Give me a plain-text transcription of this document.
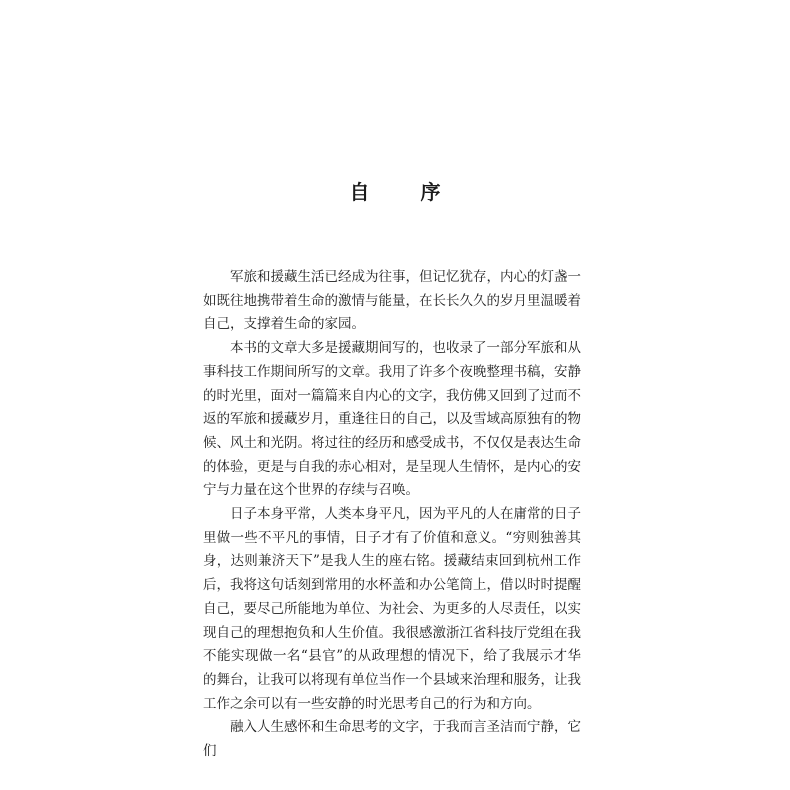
自 序

军旅和援藏生活已经成为往事，但记忆犹存，内心的灯盏一如既往地携带着生命的激情与能量，在长长久久的岁月里温暖着自己，支撑着生命的家园。

本书的文章大多是援藏期间写的，也收录了一部分军旅和从事科技工作期间所写的文章。我用了许多个夜晚整理书稿，安静的时光里，面对一篇篇来自内心的文字，我仿佛又回到了过而不返的军旅和援藏岁月，重逢往日的自己，以及雪域高原独有的物候、风土和光阴。将过往的经历和感受成书，不仅仅是表达生命的体验，更是与自我的赤心相对，是呈现人生情怀，是内心的安宁与力量在这个世界的存续与召唤。

日子本身平常，人类本身平凡，因为平凡的人在庸常的日子里做一些不平凡的事情，日子才有了价值和意义。“穷则独善其身，达则兼济天下”是我人生的座右铭。援藏结束回到杭州工作后，我将这句话刻到常用的水杯盖和办公笔筒上，借以时时提醒自己，要尽己所能地为单位、为社会、为更多的人尽责任，以实现自己的理想抱负和人生价值。我很感激浙江省科技厅党组在我不能实现做一名“县官”的从政理想的情况下，给了我展示才华的舞台，让我可以将现有单位当作一个县域来治理和服务，让我工作之余可以有一些安静的时光思考自己的行为和方向。

融入人生感怀和生命思考的文字，于我而言圣洁而宁静，它们
